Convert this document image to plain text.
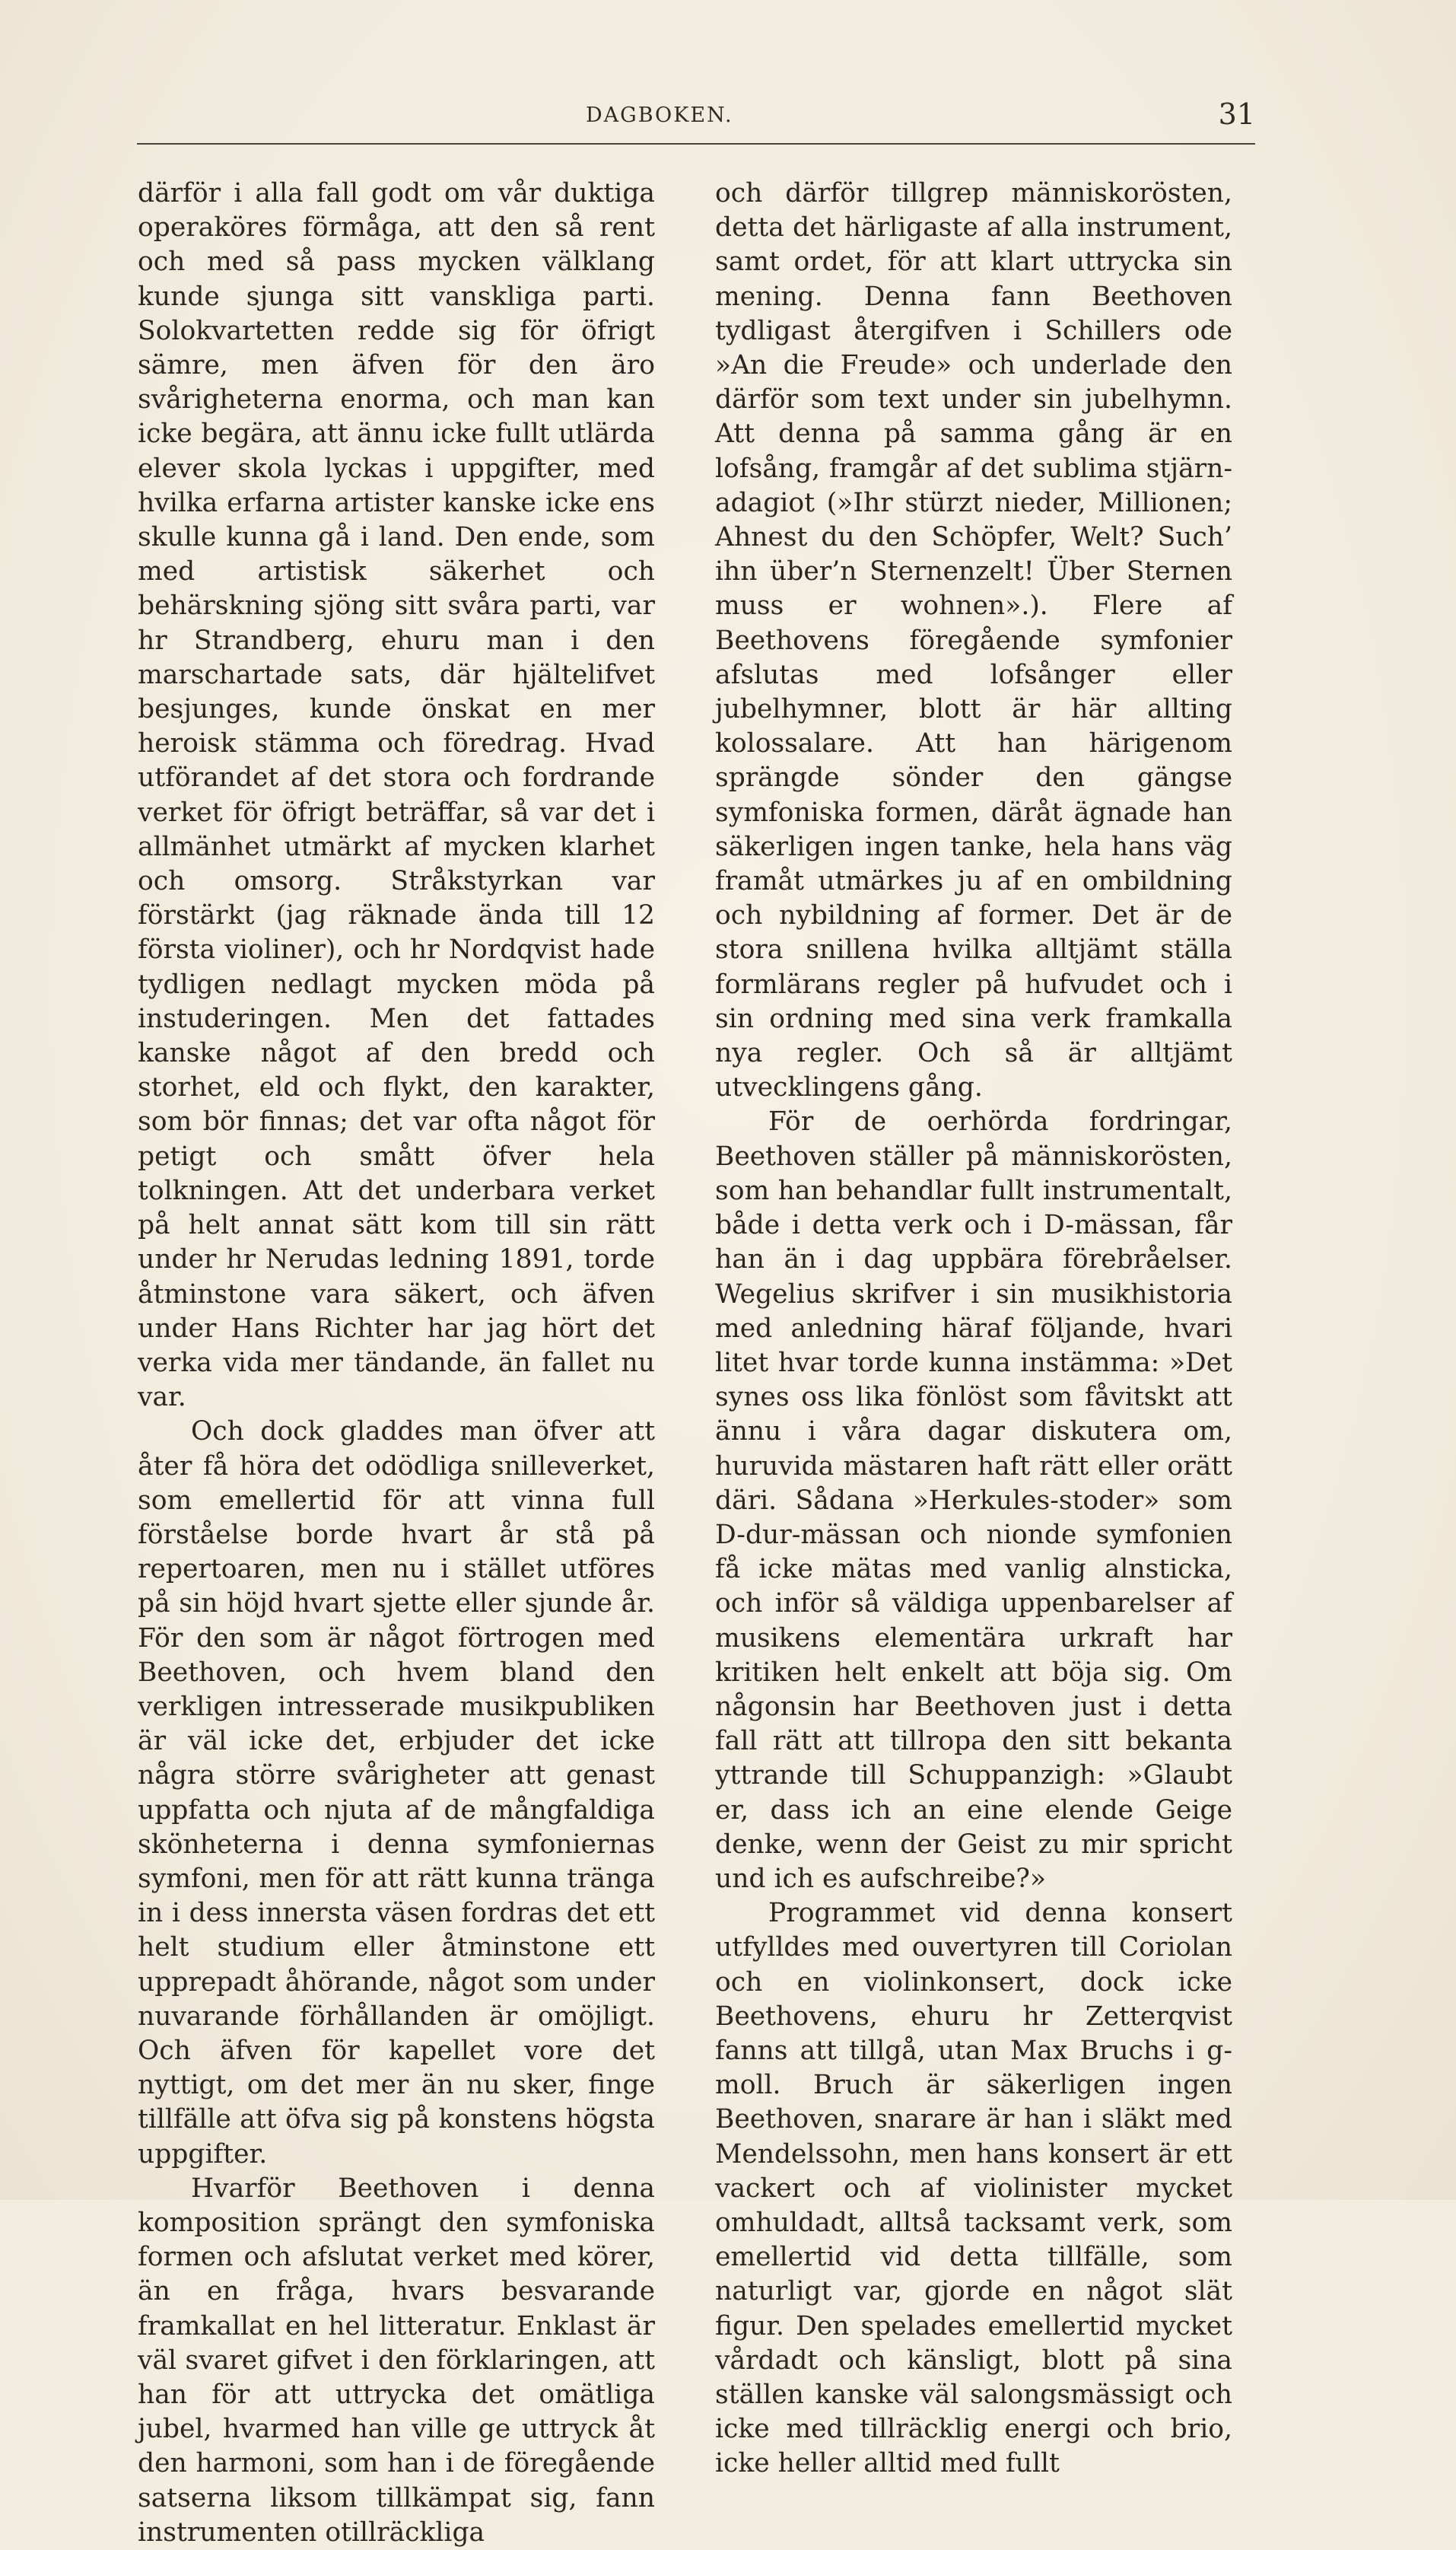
DAGBOKEN.	31

därför i alla fall godt om vår duktiga operaköres förmåga, att den så rent och med så pass mycken välklang kunde sjunga sitt vanskliga parti. Solokvartetten redde sig för öfrigt sämre, men äfven för den äro svårigheterna enorma, och man kan icke begära, att ännu icke fullt utlärda elever skola lyckas i uppgifter, med hvilka erfarna artister kanske icke ens skulle kunna gå i land. Den ende, som med artistisk säkerhet och behärskning sjöng sitt svåra parti, var hr Strandberg, ehuru man i den marschartade sats, där hjältelifvet besjunges, kunde önskat en mer heroisk stämma och föredrag. Hvad utförandet af det stora och fordrande verket för öfrigt beträffar, så var det i allmänhet utmärkt af mycken klarhet och omsorg. Stråkstyrkan var förstärkt (jag räknade ända till 12 första violiner), och hr Nordqvist hade tydligen nedlagt mycken möda på instuderingen. Men det fattades kanske något af den bredd och storhet, eld och flykt, den karakter, som bör finnas; det var ofta något för petigt och smått öfver hela tolkningen. Att det underbara verket på helt annat sätt kom till sin rätt under hr Nerudas ledning 1891, torde åtminstone vara säkert, och äfven under Hans Richter har jag hört det verka vida mer tändande, än fallet nu var.

Och dock gladdes man öfver att åter få höra det odödliga snilleverket, som emellertid för att vinna full förståelse borde hvart år stå på repertoaren, men nu i stället utföres på sin höjd hvart sjette eller sjunde år. För den som är något förtrogen med Beethoven, och hvem bland den verkligen intresserade musikpubliken är väl icke det, erbjuder det icke några större svårigheter att genast uppfatta och njuta af de mångfaldiga skönheterna i denna symfoniernas symfoni, men för att rätt kunna tränga in i dess innersta väsen fordras det ett helt studium eller åtminstone ett upprepadt åhörande, något som under nuvarande förhållanden är omöjligt. Och äfven för kapellet vore det nyttigt, om det mer än nu sker, finge tillfälle att öfva sig på konstens högsta uppgifter.

Hvarför Beethoven i denna komposition sprängt den symfoniska formen och afslutat verket med körer, än en fråga, hvars besvarande framkallat en hel litteratur. Enklast är väl svaret gifvet i den förklaringen, att han för att uttrycka det omätliga jubel, hvarmed han ville ge uttryck åt den harmoni, som han i de föregående satserna liksom tillkämpat sig, fann instrumenten otillräckliga

och därför tillgrep människorösten, detta det härligaste af alla instrument, samt ordet, för att klart uttrycka sin mening. Denna fann Beethoven tydligast återgifven i Schillers ode »An die Freude» och underlade den därför som text under sin jubelhymn. Att denna på samma gång är en lofsång, framgår af det sublima stjärn-adagiot (»Ihr stürzt nieder, Millionen; Ahnest du den Schöpfer, Welt? Such’ ihn über’n Sternenzelt! Über Sternen muss er wohnen».). Flere af Beethovens föregående symfonier afslutas med lofsånger eller jubelhymner, blott är här allting kolossalare. Att han härigenom sprängde sönder den gängse symfoniska formen, däråt ägnade han säkerligen ingen tanke, hela hans väg framåt utmärkes ju af en ombildning och nybildning af former. Det är de stora snillena hvilka alltjämt ställa formlärans regler på hufvudet och i sin ordning med sina verk framkalla nya regler. Och så är alltjämt utvecklingens gång.

För de oerhörda fordringar, Beethoven ställer på människorösten, som han behandlar fullt instrumentalt, både i detta verk och i D-mässan, får han än i dag uppbära förebråelser. Wegelius skrifver i sin musikhistoria med anledning häraf följande, hvari litet hvar torde kunna instämma: »Det synes oss lika fönlöst som fåvitskt att ännu i våra dagar diskutera om, huruvida mästaren haft rätt eller orätt däri. Sådana »Herkules-stoder» som D-dur-mässan och nionde symfonien få icke mätas med vanlig alnsticka, och inför så väldiga uppenbarelser af musikens elementära urkraft har kritiken helt enkelt att böja sig. Om någonsin har Beethoven just i detta fall rätt att tillropa den sitt bekanta yttrande till Schuppanzigh: »Glaubt er, dass ich an eine elende Geige denke, wenn der Geist zu mir spricht und ich es aufschreibe?»

Programmet vid denna konsert utfylldes med ouvertyren till Coriolan och en violinkonsert, dock icke Beethovens, ehuru hr Zetterqvist fanns att tillgå, utan Max Bruchs i g-moll. Bruch är säkerligen ingen Beethoven, snarare är han i släkt med Mendelssohn, men hans konsert är ett vackert och af violinister mycket omhuldadt, alltså tacksamt verk, som emellertid vid detta tillfälle, som naturligt var, gjorde en något slät figur. Den spelades emellertid mycket vårdadt och känsligt, blott på sina ställen kanske väl salongsmässigt och icke med tillräcklig energi och brio, icke heller alltid med fullt
